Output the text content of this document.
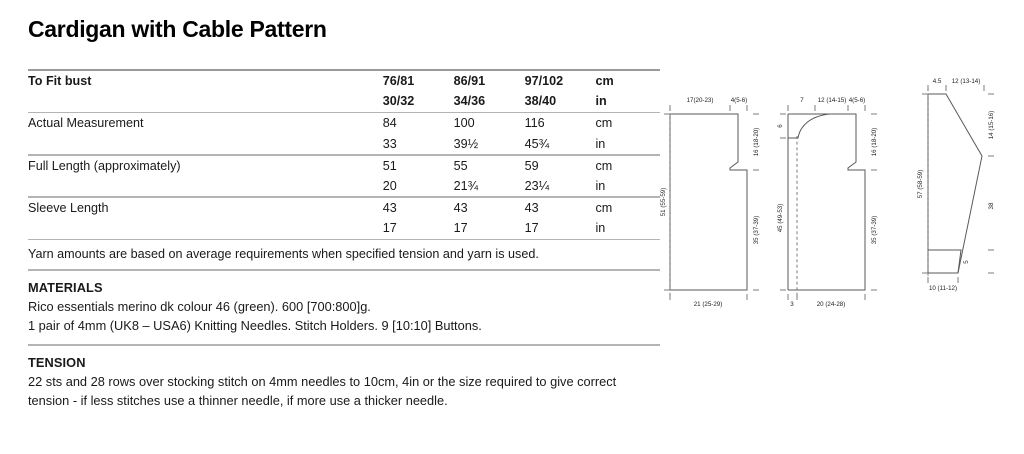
Cardigan with Cable Pattern
To Fit bust	76/81	86/91	97/102	cm
	30/32	34/36	38/40	in

Actual Measurement	84	100	116	cm
	33	39½	45¾	in

Full Length (approximately)	51	55	59	cm
	20	21¾	23¼	in

Sleeve Length	43	43	43	cm
	17	17	17	in

Yarn amounts are based on average requirements when specified tension and yarn is used.
MATERIALS

Rico essentials merino dk colour 46 (green). 600 [700:800]g.

1 pair of 4mm (UK8 – USA6) Knitting Needles. Stitch Holders. 9 [10:10] Buttons.

TENSION

22 sts and 28 rows over stocking stitch on 4mm needles to 10cm, 4in or the size required to give correct

tension - if less stitches use a thinner needle, if more use a thicker needle.

17(20-23)	4(5-6)
16 (18-20)
35 (37-39)
51 (55-59)
21 (25-29)
7 12 (14-15) 4(5-6)
6
16 (18-20)
35 (37-39)
45 (49-53)
3	20 (24-28)
4.5 12 (13-14)
14 (15-16)
57 (58-59)
38
5
10 (11-12)
